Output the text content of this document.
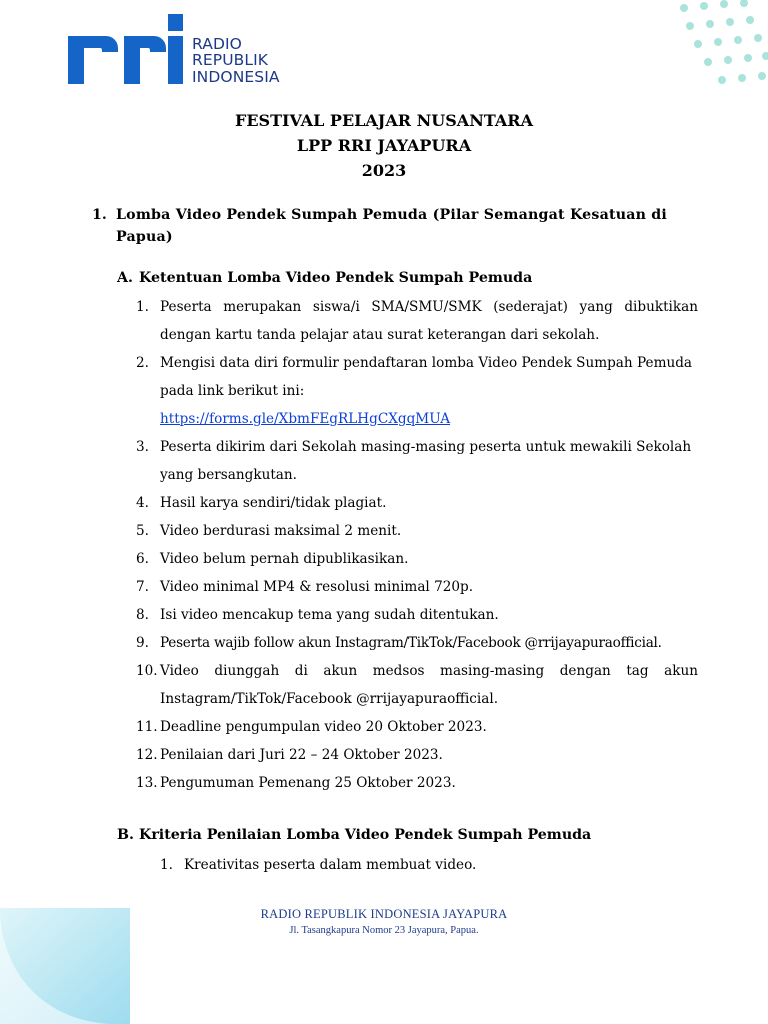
RADIO
REPUBLIK
INDONESIA
FESTIVAL PELAJAR NUSANTARA
LPP RRI JAYAPURA
2023
1. Lomba Video Pendek Sumpah Pemuda (Pilar Semangat Kesatuan di Papua)
A. Ketentuan Lomba Video Pendek Sumpah Pemuda
1. Peserta merupakan siswa/i SMA/SMU/SMK (sederajat) yang dibuktikan dengan kartu tanda pelajar atau surat keterangan dari sekolah.
2. Mengisi data diri formulir pendaftaran lomba Video Pendek Sumpah Pemuda pada link berikut ini:
https://forms.gle/XbmFEgRLHgCXgqMUA
3. Peserta dikirim dari Sekolah masing-masing peserta untuk mewakili Sekolah yang bersangkutan.
4. Hasil karya sendiri/tidak plagiat.
5. Video berdurasi maksimal 2 menit.
6. Video belum pernah dipublikasikan.
7. Video minimal MP4 & resolusi minimal 720p.
8. Isi video mencakup tema yang sudah ditentukan.
9. Peserta wajib follow akun Instagram/TikTok/Facebook @rrijayapuraofficial.
10. Video diunggah di akun medsos masing-masing dengan tag akun Instagram/TikTok/Facebook @rrijayapuraofficial.
11. Deadline pengumpulan video 20 Oktober 2023.
12. Penilaian dari Juri 22 – 24 Oktober 2023.
13. Pengumuman Pemenang 25 Oktober 2023.
B. Kriteria Penilaian Lomba Video Pendek Sumpah Pemuda
1. Kreativitas peserta dalam membuat video.
RADIO REPUBLIK INDONESIA JAYAPURA
Jl. Tasangkapura Nomor 23 Jayapura, Papua.
